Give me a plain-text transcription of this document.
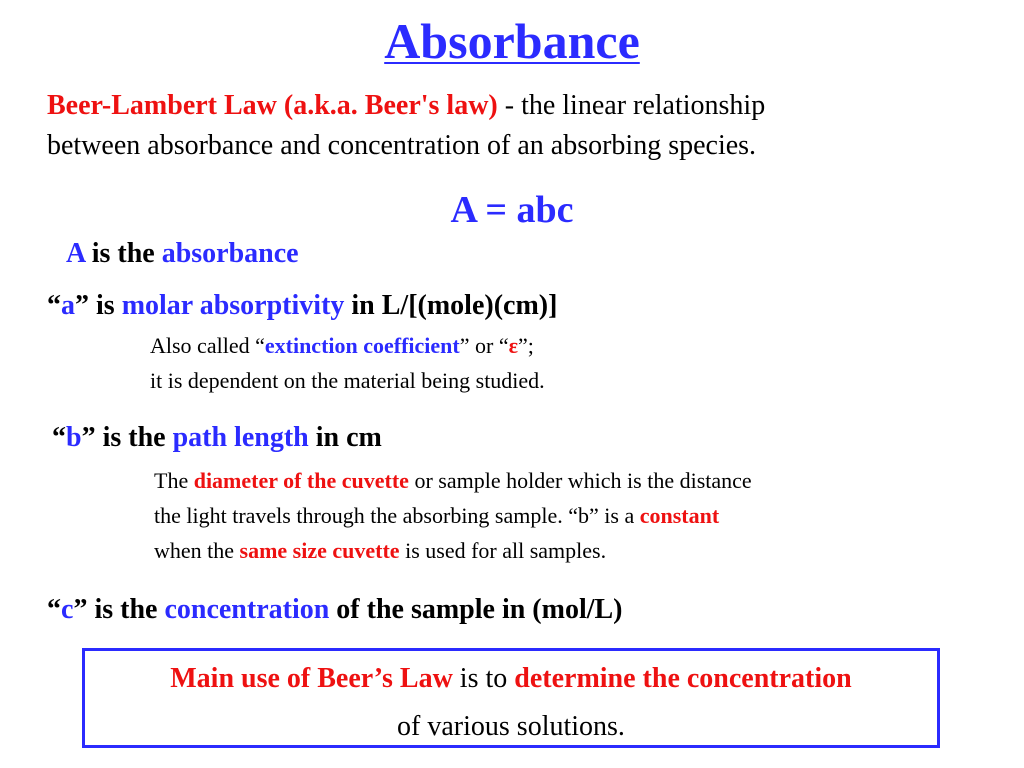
Absorbance
Beer-Lambert Law (a.k.a. Beer's law) - the linear relationship
between absorbance and concentration of an absorbing species.
A = abc
A is the absorbance
“a” is molar absorptivity in L/[(mole)(cm)]
Also called “extinction coefficient” or “ε”;
it is dependent on the material being studied.
“b” is the path length in cm
The diameter of the cuvette or sample holder which is the distance
the light travels through the absorbing sample. “b” is a constant
when the same size cuvette is used for all samples.
“c” is the concentration of the sample in (mol/L)
Main use of Beer’s Law is to determine the concentration
of various solutions.
